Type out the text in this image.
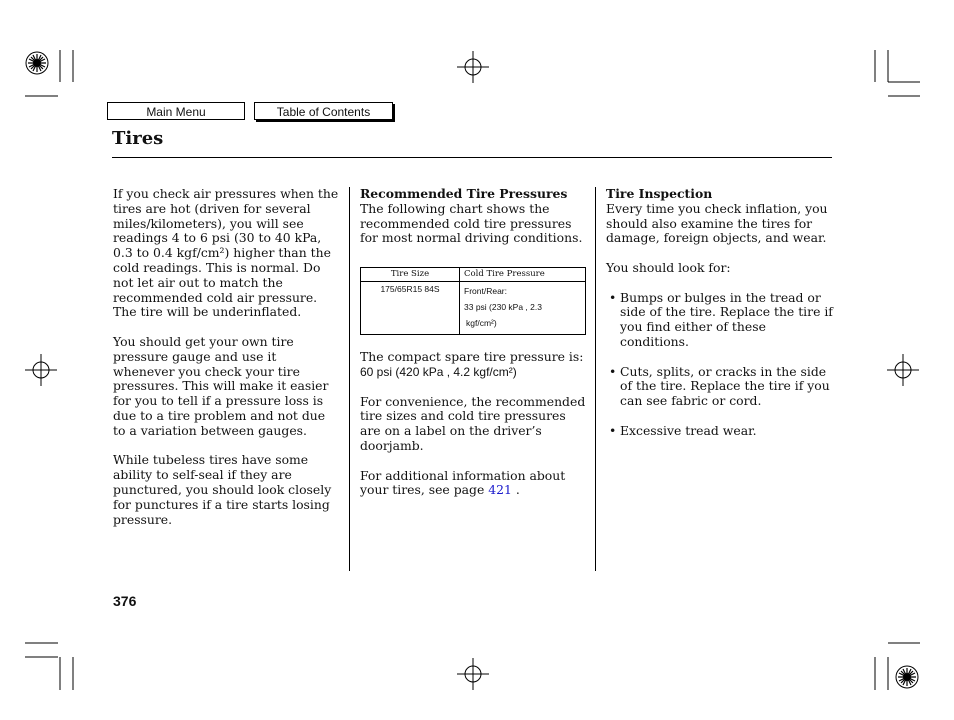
Main Menu	Table of Contents
Tires

If you check air pressures when the tires are hot (driven for several miles/kilometers), you will see readings 4 to 6 psi (30 to 40 kPa, 0.3 to 0.4 kgf/cm²) higher than the cold readings. This is normal. Do not let air out to match the recommended cold air pressure. The tire will be underinflated.

You should get your own tire pressure gauge and use it whenever you check your tire pressures. This will make it easier for you to tell if a pressure loss is due to a tire problem and not due to a variation between gauges.

While tubeless tires have some ability to self-seal if they are punctured, you should look closely for punctures if a tire starts losing pressure.

Recommended Tire Pressures

The following chart shows the recommended cold tire pressures for most normal driving conditions.

Tire Size	Cold Tire Pressure
175/65R15 84S	Front/Rear:
33 psi (230 kPa , 2.3
kgf/cm²)

The compact spare tire pressure is:

60 psi (420 kPa , 4.2 kgf/cm²)

For convenience, the recommended tire sizes and cold tire pressures are on a label on the driver’s doorjamb.

For additional information about your tires, see page 421 .

Tire Inspection

Every time you check inflation, you should also examine the tires for damage, foreign objects, and wear.

You should look for:

• Bumps or bulges in the tread or side of the tire. Replace the tire if you find either of these conditions.
• Cuts, splits, or cracks in the side of the tire. Replace the tire if you can see fabric or cord.
• Excessive tread wear.
376
